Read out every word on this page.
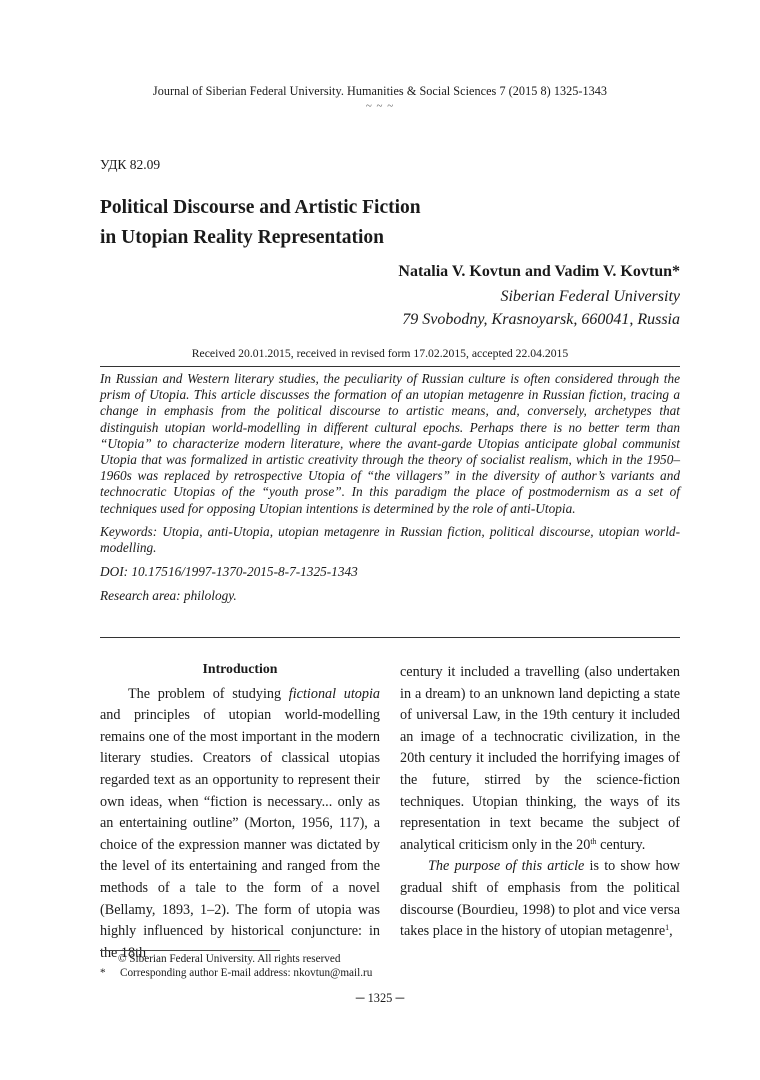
Journal of Siberian Federal University. Humanities & Social Sciences 7 (2015 8) 1325-1343
~ ~ ~
УДК 82.09
Political Discourse and Artistic Fiction
in Utopian Reality Representation
Natalia V. Kovtun and Vadim V. Kovtun*
Siberian Federal University
79 Svobodny, Krasnoyarsk, 660041, Russia
Received 20.01.2015, received in revised form 17.02.2015, accepted 22.04.2015

In Russian and Western literary studies, the peculiarity of Russian culture is often considered through the prism of Utopia. This article discusses the formation of an utopian metagenre in Russian fiction, tracing a change in emphasis from the political discourse to artistic means, and, conversely, archetypes that distinguish utopian world-modelling in different cultural epochs. Perhaps there is no better term than “Utopia” to characterize modern literature, where the avant-garde Utopias anticipate global communist Utopia that was formalized in artistic creativity through the theory of socialist realism, which in the 1950–1960s was replaced by retrospective Utopia of “the villagers” in the diversity of author’s variants and technocratic Utopias of the “youth prose”. In this paradigm the place of postmodernism as a set of techniques used for opposing Utopian intentions is determined by the role of anti-Utopia.

Keywords: Utopia, anti-Utopia, utopian metagenre in Russian fiction, political discourse, utopian world-modelling.
DOI: 10.17516/1997-1370-2015-8-7-1325-1343
Research area: philology.

Introduction

The problem of studying fictional utopia and principles of utopian world-modelling remains one of the most important in the modern literary studies. Creators of classical utopias regarded text as an opportunity to represent their own ideas, when “fiction is necessary... only as an entertaining outline” (Morton, 1956, 117), a choice of the expression manner was dictated by the level of its entertaining and ranged from the methods of a tale to the form of a novel (Bellamy, 1893, 1–2). The form of utopia was highly influenced by historical conjuncture: in the 18th

century it included a travelling (also undertaken in a dream) to an unknown land depicting a state of universal Law, in the 19th century it included an image of a technocratic civilization, in the 20th century it included the horrifying images of the future, stirred by the science-fiction techniques. Utopian thinking, the ways of its representation in text became the subject of analytical criticism only in the 20th century.

The purpose of this article is to show how gradual shift of emphasis from the political discourse (Bourdieu, 1998) to plot and vice versa takes place in the history of utopian metagenre$^1$,

© Siberian Federal University. All rights reserved
* Corresponding author E-mail address: nkovtun@mail.ru
─ 1325 ─
